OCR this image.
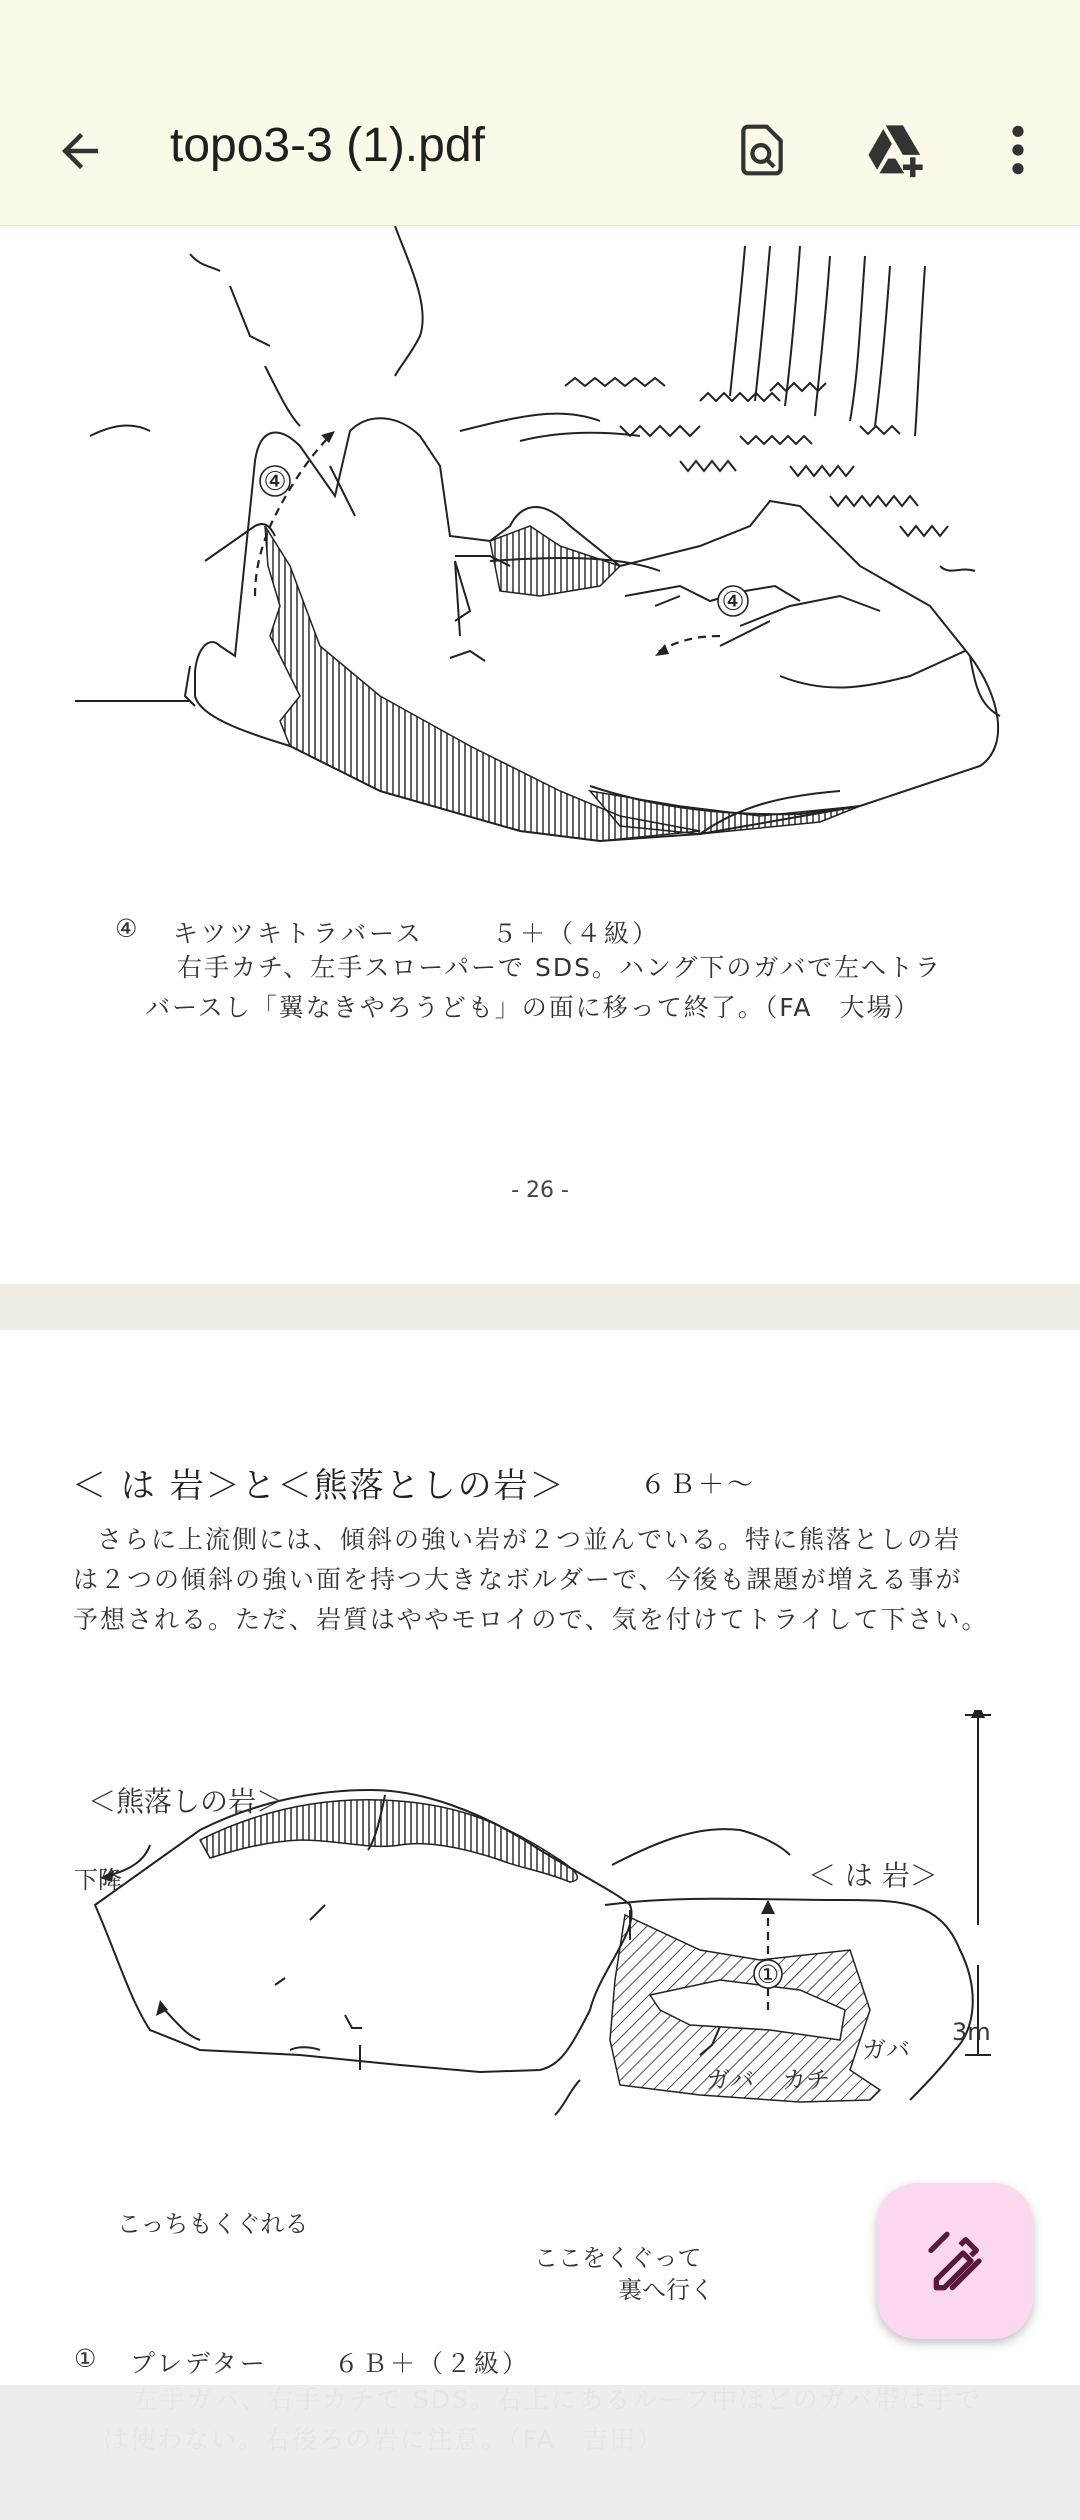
topo3-3 (1).pdf
④
④
④ キツツキトラバース	５＋（４級）
右手カチ、左手スローパーで SDS。ハング下のガバで左へトラ
バースし「翼なきやろうども」の面に移って終了。（FA　大場）
- 26 -
＜ は 岩＞と＜熊落としの岩＞	６Ｂ＋～
さらに上流側には、傾斜の強い岩が２つ並んでいる。特に熊落としの岩
は２つの傾斜の強い面を持つ大きなボルダーで、今後も課題が増える事が
予想される。ただ、岩質はややモロイので、気を付けてトライして下さい。
①
＜熊落しの岩＞
＜ は 岩＞
下降
3m
ガバ カチ
ガバ
こっちもくぐれる
ここをくぐって
裏へ行く
① プレデター	６Ｂ＋（２級）
